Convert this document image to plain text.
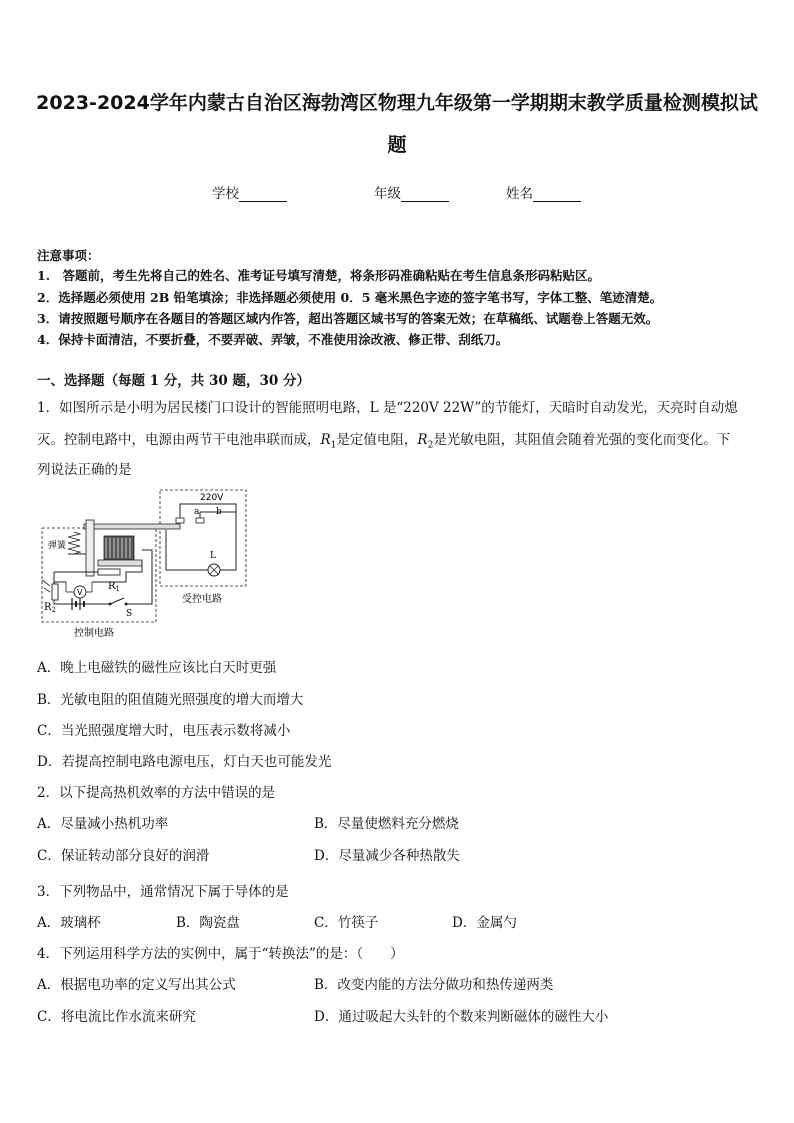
2023-2024学年内蒙古自治区海勃湾区物理九年级第一学期期末教学质量检测模拟试
题
学校	年级	姓名
注意事项：
1.　答题前，考生先将自己的姓名、准考证号填写清楚，将条形码准确粘贴在考生信息条形码粘贴区。
2．选择题必须使用 2B 铅笔填涂；非选择题必须使用 0．5 毫米黑色字迹的签字笔书写，字体工整、笔迹清楚。
3．请按照题号顺序在各题目的答题区域内作答，超出答题区域书写的答案无效；在草稿纸、试题卷上答题无效。
4．保持卡面清洁，不要折叠，不要弄破、弄皱，不准使用涂改液、修正带、刮纸刀。
一、选择题（每题 1 分，共 30 题，30 分）
1．如图所示是小明为居民楼门口设计的智能照明电路，L 是“220V 22W”的节能灯，天暗时自动发光，天亮时自动熄
灭。控制电路中，电源由两节干电池串联而成，$R_1$是定值电阻，$R_2$是光敏电阻，其阻值会随着光强的变化而变化。下
列说法正确的是
220V
a b
L
弹簧
$R_1$
$R_2$
V
S
受控电路
控制电路
A．晚上电磁铁的磁性应该比白天时更强
B．光敏电阻的阻值随光照强度的增大而增大
C．当光照强度增大时，电压表示数将减小
D．若提高控制电路电源电压，灯白天也可能发光
2．以下提高热机效率的方法中错误的是
A．尽量减小热机功率	B．尽量使燃料充分燃烧
C．保证转动部分良好的润滑	D．尽量减少各种热散失
3．下列物品中，通常情况下属于导体的是
A．玻璃杯	B．陶瓷盘	C．竹筷子	D．金属勺
4．下列运用科学方法的实例中，属于“转换法”的是：（　　）
A．根据电功率的定义写出其公式	B．改变内能的方法分做功和热传递两类
C．将电流比作水流来研究	D．通过吸起大头针的个数来判断磁体的磁性大小
